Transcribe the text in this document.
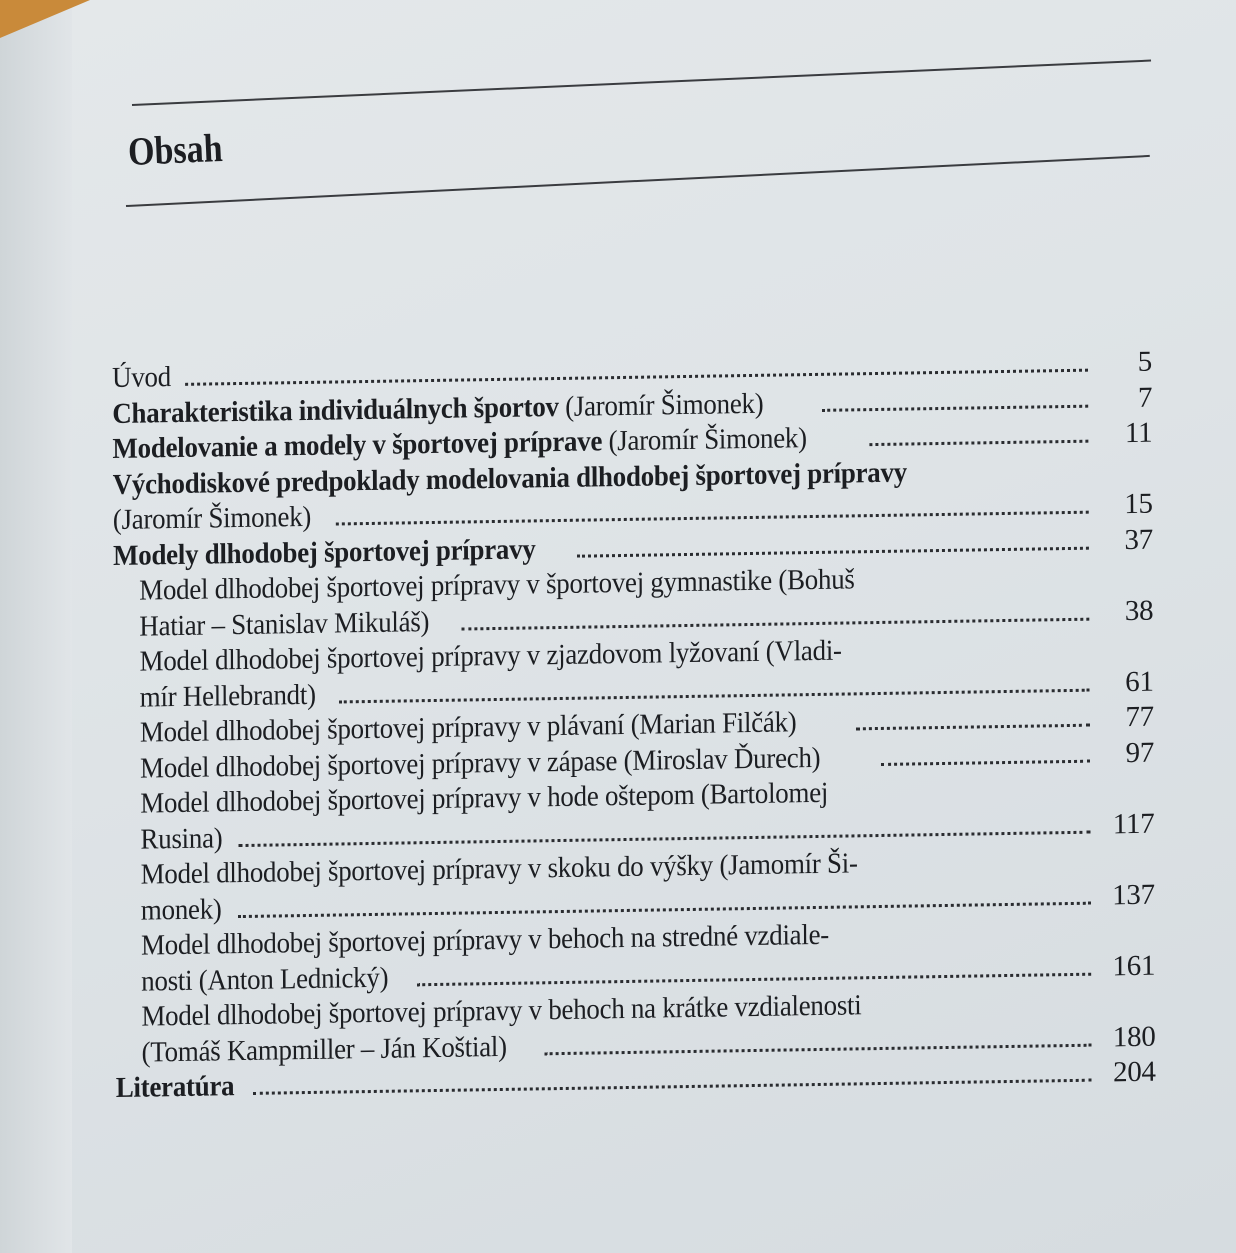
Obsah
Úvod	5
Charakteristika individuálnych športov (Jaromír Šimonek)	7
Modelovanie a modely v športovej príprave (Jaromír Šimonek)	11
Východiskové predpoklady modelovania dlhodobej športovej prípravy
(Jaromír Šimonek)	15
Modely dlhodobej športovej prípravy	37
Model dlhodobej športovej prípravy v športovej gymnastike (Bohuš
Hatiar – Stanislav Mikuláš)	38
Model dlhodobej športovej prípravy v zjazdovom lyžovaní (Vladi-
mír Hellebrandt)	61
Model dlhodobej športovej prípravy v plávaní (Marian Filčák)	77
Model dlhodobej športovej prípravy v zápase (Miroslav Ďurech)	97
Model dlhodobej športovej prípravy v hode oštepom (Bartolomej
Rusina)	117
Model dlhodobej športovej prípravy v skoku do výšky (Jamomír Ši-
monek)	137
Model dlhodobej športovej prípravy v behoch na stredné vzdiale-
nosti (Anton Lednický)	161
Model dlhodobej športovej prípravy v behoch na krátke vzdialenosti
(Tomáš Kampmiller – Ján Koštial)	180
Literatúra	204
